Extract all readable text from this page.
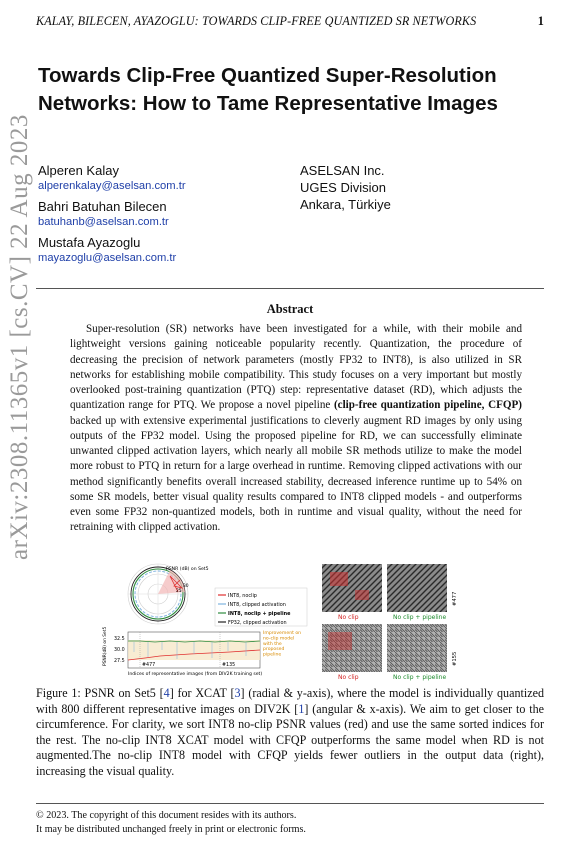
KALAY, BILECEN, AYAZOGLU: TOWARDS CLIP-FREE QUANTIZED SR NETWORKS	1
arXiv:2308.11365v1 [cs.CV] 22 Aug 2023
Towards Clip-Free Quantized Super-Resolution Networks: How to Tame Representative Images
Alperen Kalay
alperenkalay@aselsan.com.tr
Bahri Batuhan Bilecen
batuhanb@aselsan.com.tr
Mustafa Ayazoglu
mayazoglu@aselsan.com.tr
ASELSAN Inc.
UGES Division
Ankara, Türkiye
Abstract

Super-resolution (SR) networks have been investigated for a while, with their mobile and lightweight versions gaining noticeable popularity recently. Quantization, the procedure of decreasing the precision of network parameters (mostly FP32 to INT8), is also utilized in SR networks for establishing mobile compatibility. This study focuses on a very important but mostly overlooked post-training quantization (PTQ) step: representative dataset (RD), which adjusts the quantization range for PTQ. We propose a novel pipeline (clip-free quantization pipeline, CFQP) backed up with extensive experimental justifications to cleverly augment RD images by only using outputs of the FP32 model. Using the proposed pipeline for RD, we can successfully eliminate unwanted clipped activation layers, which nearly all mobile SR methods utilize to make the model more robust to PTQ in return for a large overhead in runtime. Removing clipped activations with our method significantly benefits overall increased stability, decreased inference runtime up to 54% on some SR models, better visual quality results compared to INT8 clipped models - and outperforms even some FP32 non-quantized models, both in runtime and visual quality, without the need for retraining with clipped activation.

PSNR (dB) on Set5
30
25
INT8, noclip
INT8, clipped activation
INT8, noclip + pipeline
FP32, clipped activation
32.5
30.0
27.5
PSNR(dB) on Set5	#477	#135
Indices of representative images (from DIV2K training set)
Improvement on no-clip model with the proposed pipeline
#477
No clip	No clip + pipeline
#155
No clip	No clip + pipeline

Figure 1: PSNR on Set5 [4] for XCAT [3] (radial & y-axis), where the model is individually quantized with 800 different representative images on DIV2K [1] (angular & x-axis). We aim to get closer to the circumference. For clarity, we sort INT8 no-clip PSNR values (red) and use the same sorted indices for the rest. The no-clip INT8 XCAT model with CFQP outperforms the same model when RD is not augmented.The no-clip INT8 model with CFQP yields fewer outliers in the output data (right), increasing the visual quality.

© 2023. The copyright of this document resides with its authors.
It may be distributed unchanged freely in print or electronic forms.
